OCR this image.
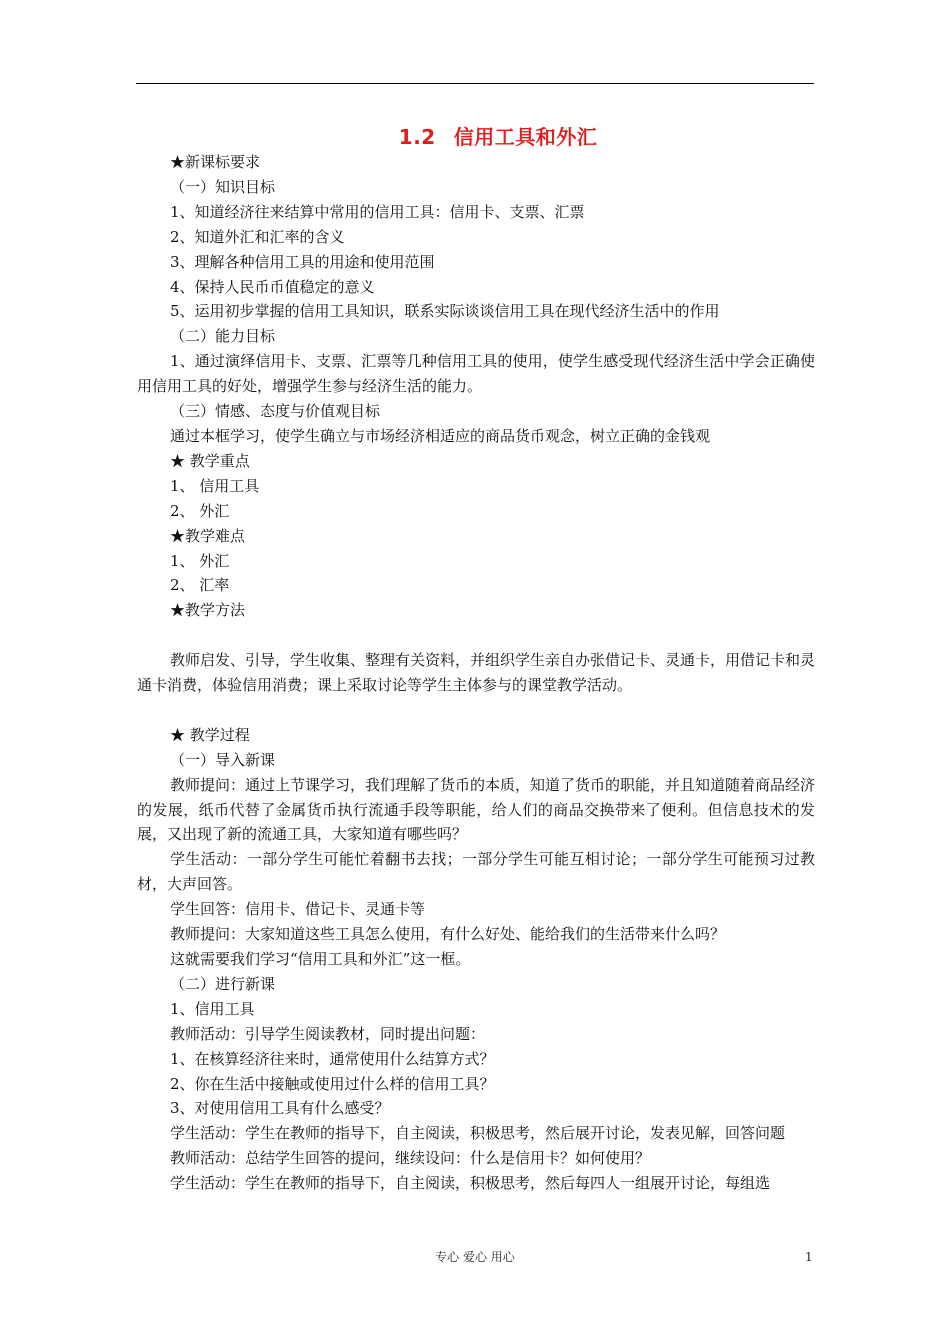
1.2 信用工具和外汇
★新课标要求
（一）知识目标
1、知道经济往来结算中常用的信用工具：信用卡、支票、汇票
2、知道外汇和汇率的含义
3、理解各种信用工具的用途和使用范围
4、保持人民币币值稳定的意义
5、运用初步掌握的信用工具知识，联系实际谈谈信用工具在现代经济生活中的作用
（二）能力目标
1、通过演绎信用卡、支票、汇票等几种信用工具的使用，使学生感受现代经济生活中学会正确使用信用工具的好处，增强学生参与经济生活的能力。
（三）情感、态度与价值观目标
通过本框学习，使学生确立与市场经济相适应的商品货币观念，树立正确的金钱观
★ 教学重点
1、 信用工具
2、 外汇
★教学难点
1、 外汇
2、 汇率
★教学方法
教师启发、引导，学生收集、整理有关资料，并组织学生亲自办张借记卡、灵通卡，用借记卡和灵通卡消费，体验信用消费；课上采取讨论等学生主体参与的课堂教学活动。
★ 教学过程
（一）导入新课
教师提问：通过上节课学习，我们理解了货币的本质，知道了货币的职能，并且知道随着商品经济的发展，纸币代替了金属货币执行流通手段等职能，给人们的商品交换带来了便利。但信息技术的发展，又出现了新的流通工具，大家知道有哪些吗？
学生活动：一部分学生可能忙着翻书去找；一部分学生可能互相讨论；一部分学生可能预习过教材，大声回答。
学生回答：信用卡、借记卡、灵通卡等
教师提问：大家知道这些工具怎么使用，有什么好处、能给我们的生活带来什么吗？
这就需要我们学习“信用工具和外汇”这一框。
（二）进行新课
1、信用工具
教师活动：引导学生阅读教材，同时提出问题：
1、在核算经济往来时，通常使用什么结算方式？
2、你在生活中接触或使用过什么样的信用工具？
3、对使用信用工具有什么感受？
学生活动：学生在教师的指导下，自主阅读，积极思考，然后展开讨论，发表见解，回答问题
教师活动：总结学生回答的提问，继续设问：什么是信用卡？如何使用？
学生活动：学生在教师的指导下，自主阅读，积极思考，然后每四人一组展开讨论，每组选
专心 爱心 用心	1
